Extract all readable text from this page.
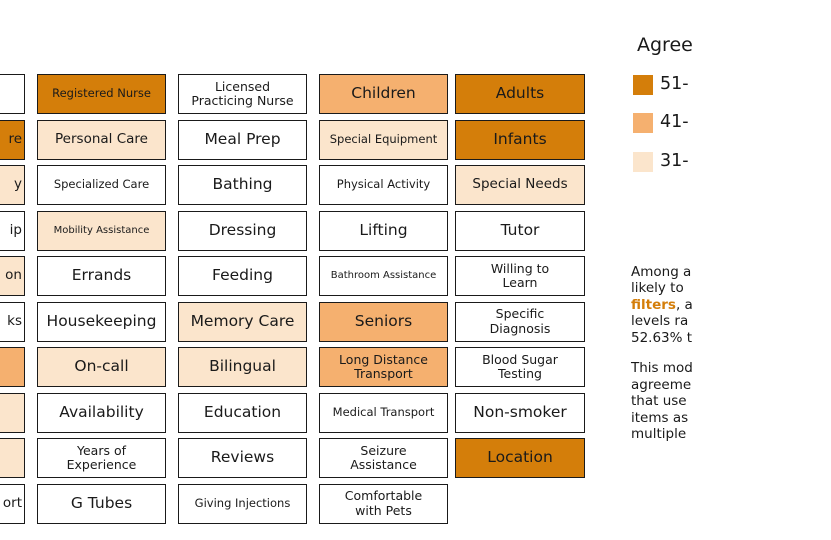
re
y
ip
on
ks
ort
Registered Nurse
Personal Care
Specialized Care
Mobility Assistance
Errands
Housekeeping
On-call
Availability
Years of
Experience
G Tubes
Licensed
Practicing Nurse
Meal Prep
Bathing
Dressing
Feeding
Memory Care
Bilingual
Education
Reviews
Giving Injections
Children
Special Equipment
Physical Activity
Lifting
Bathroom Assistance
Seniors
Long Distance
Transport
Medical Transport
Seizure
Assistance
Comfortable
with Pets
Adults
Infants
Special Needs
Tutor
Willing to
Learn
Specific
Diagnosis
Blood Sugar
Testing
Non-smoker
Location
Agree
51-
41-
31-

Among a
likely to
filters, a
levels ra
52.63% t

This mod
agreeme
that use
items as
multiple
